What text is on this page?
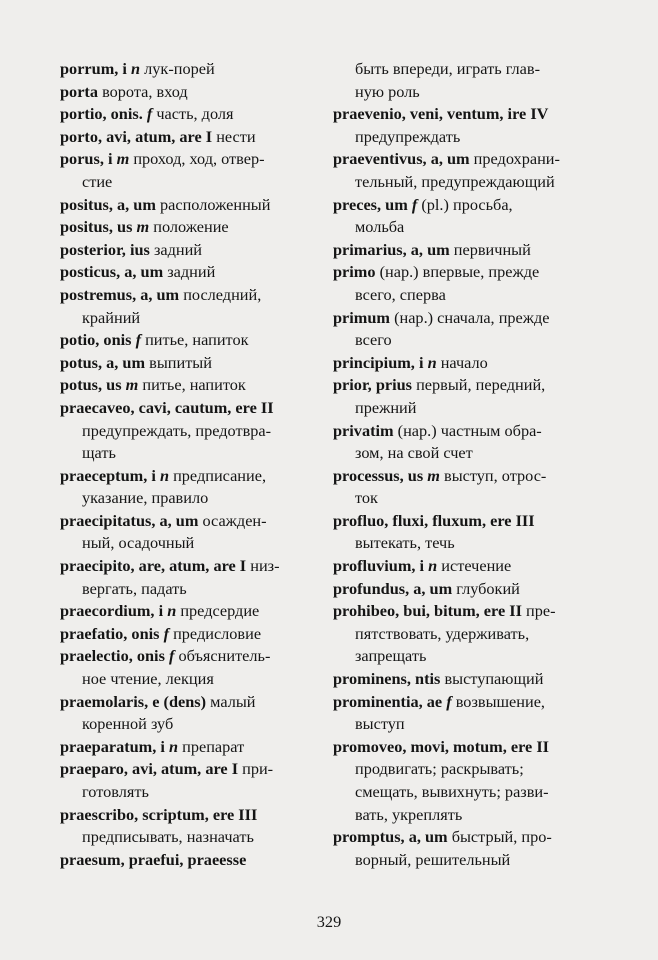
porrum, i n лук-порей

porta ворота, вход

portio, onis. f часть, доля

porto, avi, atum, are I нести

porus, i m проход, ход, отвер-
стие

positus, a, um расположенный

positus, us m положение

posterior, ius задний

posticus, a, um задний

postremus, a, um последний,
крайний

potio, onis f питье, напиток

potus, a, um выпитый

potus, us m питье, напиток

praecaveo, cavi, cautum, ere II
предупреждать, предотвра-
щать

praeceptum, i n предписание,
указание, правило

praecipitatus, a, um осажден-
ный, осадочный

praecipito, are, atum, are I низ-
вергать, падать

praecordium, i n предсердие

praefatio, onis f предисловие

praelectio, onis f объяснитель-
ное чтение, лекция

praemolaris, e (dens) малый
коренной зуб

praeparatum, i n препарат

praeparo, avi, atum, are I при-
готовлять

praescribo, scriptum, ere III
предписывать, назначать

praesum, praefui, praeesse

быть впереди, играть глав-
ную роль

praevenio, veni, ventum, ire IV
предупреждать

praeventivus, a, um предохрани-
тельный, предупреждающий

preces, um f (pl.) просьба,
мольба

primarius, a, um первичный

primo (нар.) впервые, прежде
всего, сперва

primum (нар.) сначала, прежде
всего

principium, i n начало

prior, prius первый, передний,
прежний

privatim (нар.) частным обра-
зом, на свой счет

processus, us m выступ, отрос-
ток

profluo, fluxi, fluxum, ere III
вытекать, течь

profluvium, i n истечение

profundus, a, um глубокий

prohibeo, bui, bitum, ere II пре-
пятствовать, удерживать,
запрещать

prominens, ntis выступающий

prominentia, ae f возвышение,
выступ

promoveo, movi, motum, ere II
продвигать; раскрывать;
смещать, вывихнуть; разви-
вать, укреплять

promptus, a, um быстрый, про-
ворный, решительный

329
